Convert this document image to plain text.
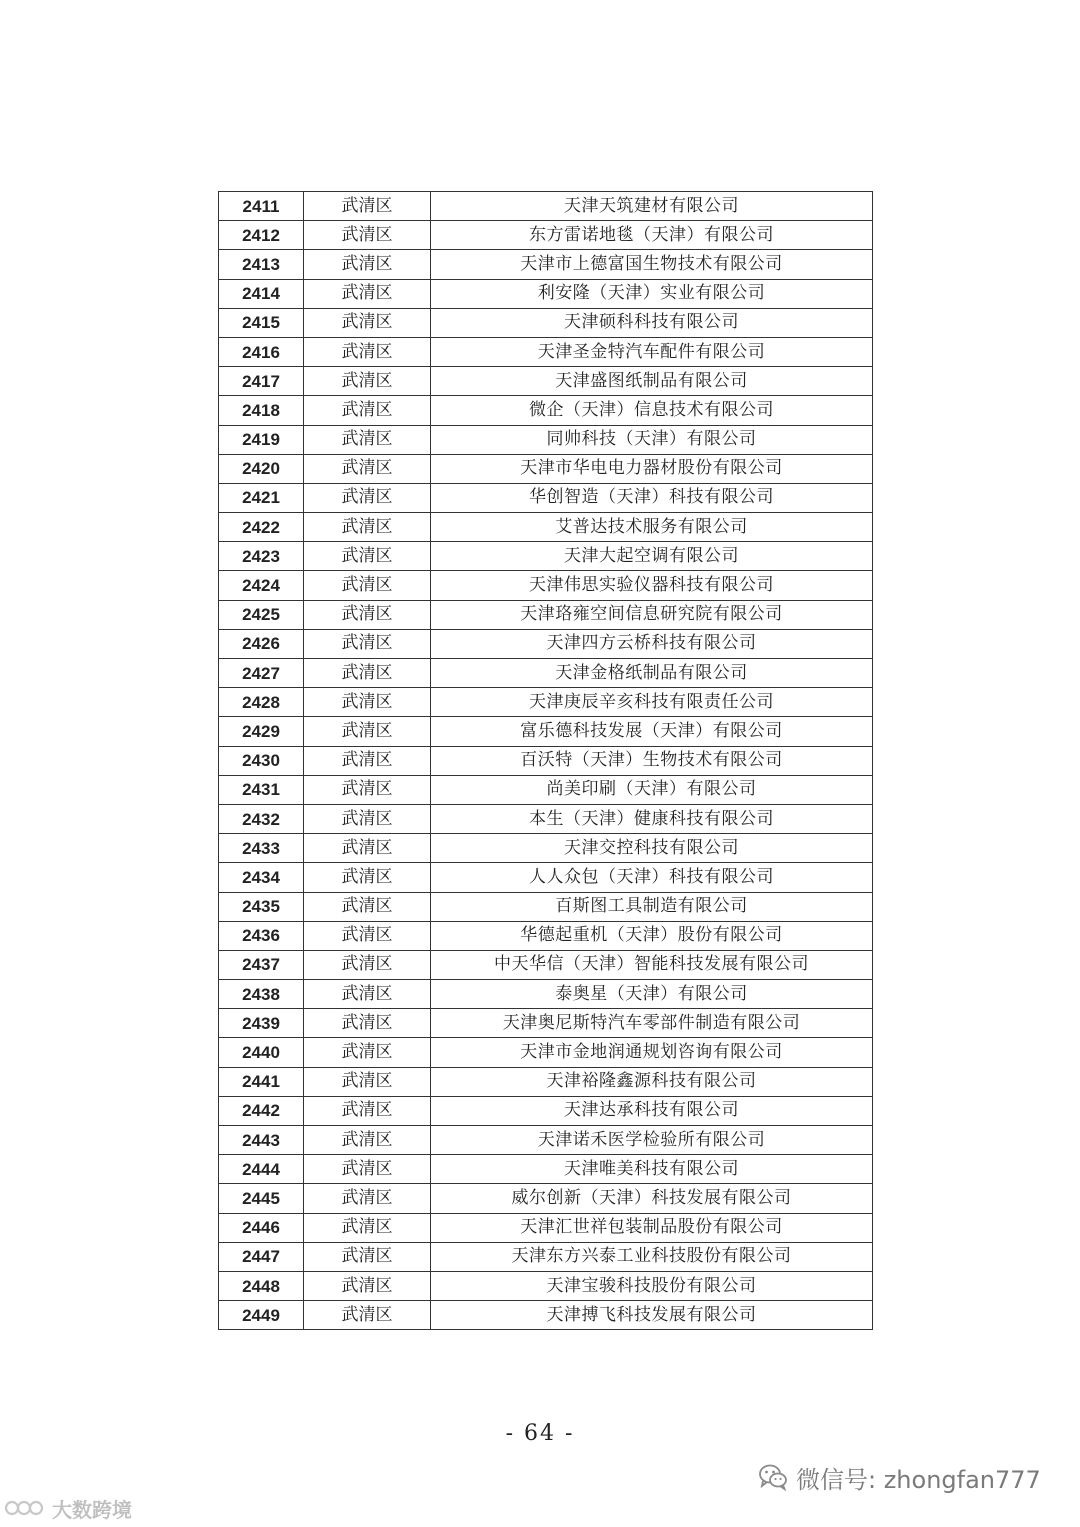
2411	武清区	天津天筑建材有限公司
2412	武清区	东方雷诺地毯（天津）有限公司
2413	武清区	天津市上德富国生物技术有限公司
2414	武清区	利安隆（天津）实业有限公司
2415	武清区	天津硕科科技有限公司
2416	武清区	天津圣金特汽车配件有限公司
2417	武清区	天津盛图纸制品有限公司
2418	武清区	微企（天津）信息技术有限公司
2419	武清区	同帅科技（天津）有限公司
2420	武清区	天津市华电电力器材股份有限公司
2421	武清区	华创智造（天津）科技有限公司
2422	武清区	艾普达技术服务有限公司
2423	武清区	天津大起空调有限公司
2424	武清区	天津伟思实验仪器科技有限公司
2425	武清区	天津珞雍空间信息研究院有限公司
2426	武清区	天津四方云桥科技有限公司
2427	武清区	天津金格纸制品有限公司
2428	武清区	天津庚辰辛亥科技有限责任公司
2429	武清区	富乐德科技发展（天津）有限公司
2430	武清区	百沃特（天津）生物技术有限公司
2431	武清区	尚美印刷（天津）有限公司
2432	武清区	本生（天津）健康科技有限公司
2433	武清区	天津交控科技有限公司
2434	武清区	人人众包（天津）科技有限公司
2435	武清区	百斯图工具制造有限公司
2436	武清区	华德起重机（天津）股份有限公司
2437	武清区	中天华信（天津）智能科技发展有限公司
2438	武清区	泰奥星（天津）有限公司
2439	武清区	天津奥尼斯特汽车零部件制造有限公司
2440	武清区	天津市金地润通规划咨询有限公司
2441	武清区	天津裕隆鑫源科技有限公司
2442	武清区	天津达承科技有限公司
2443	武清区	天津诺禾医学检验所有限公司
2444	武清区	天津唯美科技有限公司
2445	武清区	威尔创新（天津）科技发展有限公司
2446	武清区	天津汇世祥包装制品股份有限公司
2447	武清区	天津东方兴泰工业科技股份有限公司
2448	武清区	天津宝骏科技股份有限公司
2449	武清区	天津搏飞科技发展有限公司
- 64 -
微信号: zhongfan777
大数跨境
